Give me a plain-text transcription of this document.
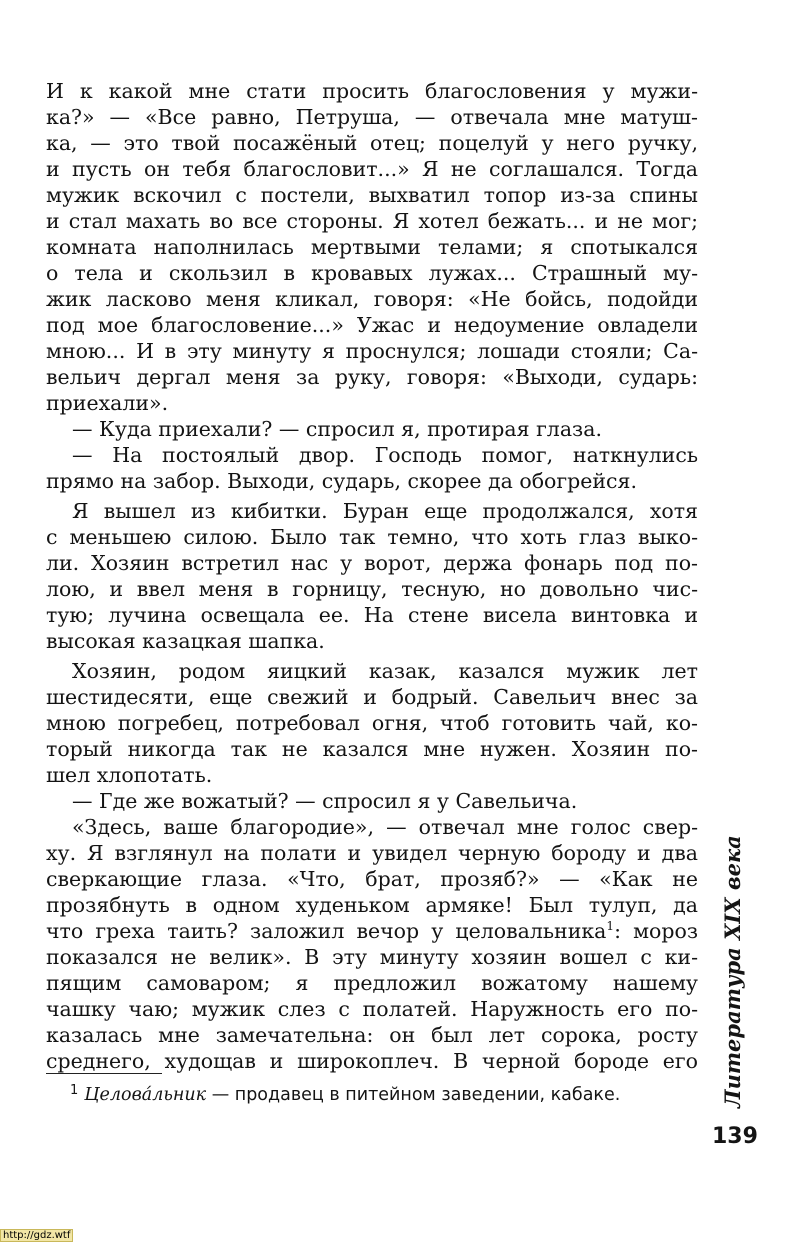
И к какой мне стати просить благословения у мужи-
ка?» — «Все равно, Петруша, — отвечала мне матуш-
ка, — это твой посажёный отец; поцелуй у него ручку,
и пусть он тебя благословит...» Я не соглашался. Тогда
мужик вскочил с постели, выхватил топор из-за спины
и стал махать во все стороны. Я хотел бежать... и не мог;
комната наполнилась мертвыми телами; я спотыкался
о тела и скользил в кровавых лужах... Страшный му-
жик ласково меня кликал, говоря: «Не бойсь, подойди
под мое благословение...» Ужас и недоумение овладели
мною... И в эту минуту я проснулся; лошади стояли; Са-
вельич дергал меня за руку, говоря: «Выходи, сударь:
приехали».
— Куда приехали? — спросил я, протирая глаза.
— На постоялый двор. Господь помог, наткнулись
прямо на забор. Выходи, сударь, скорее да обогрейся.
Я вышел из кибитки. Буран еще продолжался, хотя
с меньшею силою. Было так темно, что хоть глаз выко-
ли. Хозяин встретил нас у ворот, держа фонарь под по-
лою, и ввел меня в горницу, тесную, но довольно чис-
тую; лучина освещала ее. На стене висела винтовка и
высокая казацкая шапка.
Хозяин, родом яицкий казак, казался мужик лет
шестидесяти, еще свежий и бодрый. Савельич внес за
мною погребец, потребовал огня, чтоб готовить чай, ко-
торый никогда так не казался мне нужен. Хозяин по-
шел хлопотать.
— Где же вожатый? — спросил я у Савельича.
«Здесь, ваше благородие», — отвечал мне голос свер-
ху. Я взглянул на полати и увидел черную бороду и два
сверкающие глаза. «Что, брат, прозяб?» — «Как не
прозябнуть в одном худеньком армяке! Был тулуп, да
что греха таить? заложил вечор у целовальника$^1$: мороз
показался не велик». В эту минуту хозяин вошел с ки-
пящим самоваром; я предложил вожатому нашему
чашку чаю; мужик слез с полатей. Наружность его по-
казалась мне замечательна: он был лет сорока, росту
среднего, худощав и широкоплеч. В черной бороде его
$^1$ Целова́льник — продавец в питейном заведении, кабаке.	Литература XIX века
139
http://gdz.wtf
